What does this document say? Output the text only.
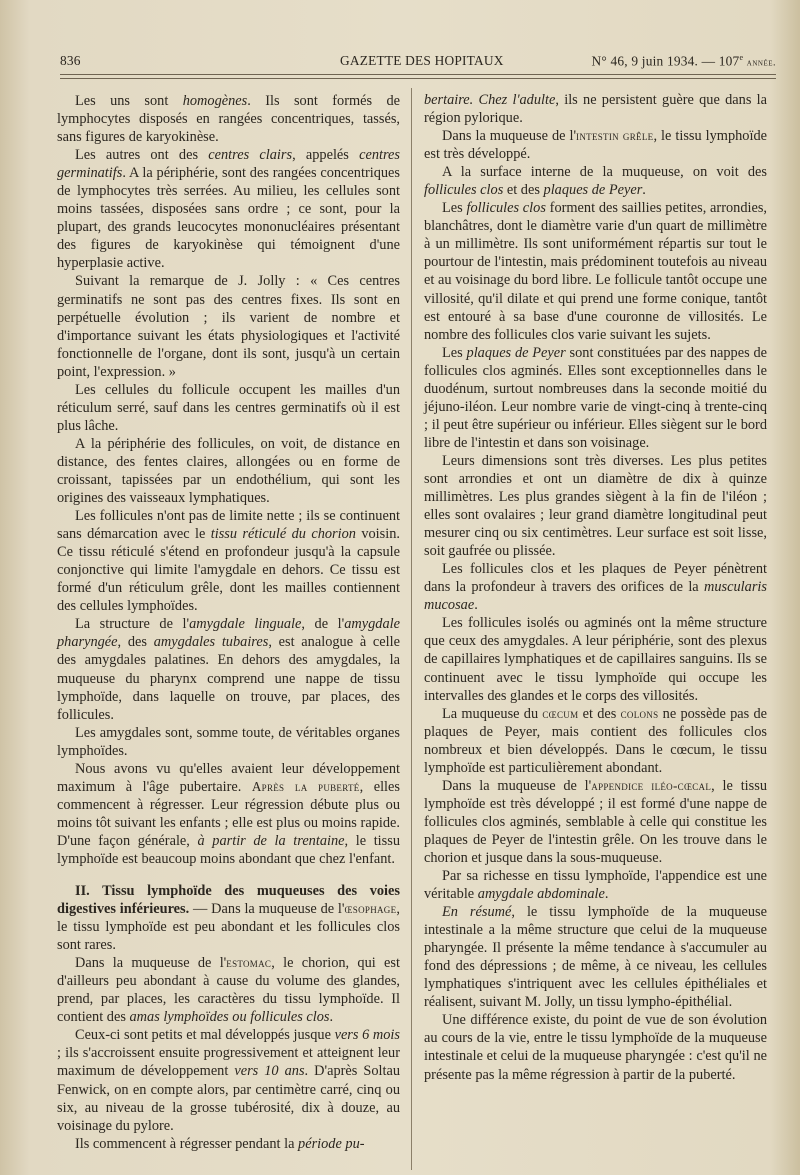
836	GAZETTE DES HOPITAUX	N° 46, 9 juin 1934. — 107e année.

Les uns sont homogènes. Ils sont formés de lymphocytes disposés en rangées concentriques, tassés, sans figures de karyokinèse.

Les autres ont des centres clairs, appelés centres germinatifs. A la périphérie, sont des rangées concentriques de lymphocytes très serrées. Au milieu, les cellules sont moins tassées, disposées sans ordre ; ce sont, pour la plupart, des grands leucocytes mononucléaires présentant des figures de karyokinèse qui témoignent d'une hyperplasie active.

Suivant la remarque de J. Jolly : « Ces centres germinatifs ne sont pas des centres fixes. Ils sont en perpétuelle évolution ; ils varient de nombre et d'importance suivant les états physiologiques et l'activité fonctionnelle de l'organe, dont ils sont, jusqu'à un certain point, l'expression. »

Les cellules du follicule occupent les mailles d'un réticulum serré, sauf dans les centres germinatifs où il est plus lâche.

A la périphérie des follicules, on voit, de distance en distance, des fentes claires, allongées ou en forme de croissant, tapissées par un endothélium, qui sont les origines des vaisseaux lymphatiques.

Les follicules n'ont pas de limite nette ; ils se continuent sans démarcation avec le tissu réticulé du chorion voisin. Ce tissu réticulé s'étend en profondeur jusqu'à la capsule conjonctive qui limite l'amygdale en dehors. Ce tissu est formé d'un réticulum grêle, dont les mailles contiennent des cellules lymphoïdes.

La structure de l'amygdale linguale, de l'amygdale pharyngée, des amygdales tubaires, est analogue à celle des amygdales palatines. En dehors des amygdales, la muqueuse du pharynx comprend une nappe de tissu lymphoïde, dans laquelle on trouve, par places, des follicules.

Les amygdales sont, somme toute, de véritables organes lymphoïdes.

Nous avons vu qu'elles avaient leur développement maximum à l'âge pubertaire. Après la puberté, elles commencent à régresser. Leur régression débute plus ou moins tôt suivant les enfants ; elle est plus ou moins rapide. D'une façon générale, à partir de la trentaine, le tissu lymphoïde est beaucoup moins abondant que chez l'enfant.

II. Tissu lymphoïde des muqueuses des voies digestives inférieures. — Dans la muqueuse de l'œsophage, le tissu lymphoïde est peu abondant et les follicules clos sont rares.

Dans la muqueuse de l'estomac, le chorion, qui est d'ailleurs peu abondant à cause du volume des glandes, prend, par places, les caractères du tissu lymphoïde. Il contient des amas lymphoïdes ou follicules clos.

Ceux-ci sont petits et mal développés jusque vers 6 mois ; ils s'accroissent ensuite progressivement et atteignent leur maximum de développement vers 10 ans. D'après Soltau Fenwick, on en compte alors, par centimètre carré, cinq ou six, au niveau de la grosse tubérosité, dix à douze, au voisinage du pylore.

Ils commencent à régresser pendant la période pu-

bertaire. Chez l'adulte, ils ne persistent guère que dans la région pylorique.

Dans la muqueuse de l'intestin grêle, le tissu lymphoïde est très développé.

A la surface interne de la muqueuse, on voit des follicules clos et des plaques de Peyer.

Les follicules clos forment des saillies petites, arrondies, blanchâtres, dont le diamètre varie d'un quart de millimètre à un millimètre. Ils sont uniformément répartis sur tout le pourtour de l'intestin, mais prédominent toutefois au niveau et au voisinage du bord libre. Le follicule tantôt occupe une villosité, qu'il dilate et qui prend une forme conique, tantôt est entouré à sa base d'une couronne de villosités. Le nombre des follicules clos varie suivant les sujets.

Les plaques de Peyer sont constituées par des nappes de follicules clos agminés. Elles sont exceptionnelles dans le duodénum, surtout nombreuses dans la seconde moitié du jéjuno-iléon. Leur nombre varie de vingt-cinq à trente-cinq ; il peut être supérieur ou inférieur. Elles siègent sur le bord libre de l'intestin et dans son voisinage.

Leurs dimensions sont très diverses. Les plus petites sont arrondies et ont un diamètre de dix à quinze millimètres. Les plus grandes siègent à la fin de l'iléon ; elles sont ovalaires ; leur grand diamètre longitudinal peut mesurer cinq ou six centimètres. Leur surface est soit lisse, soit gaufrée ou plissée.

Les follicules clos et les plaques de Peyer pénètrent dans la profondeur à travers des orifices de la muscularis mucosae.

Les follicules isolés ou agminés ont la même structure que ceux des amygdales. A leur périphérie, sont des plexus de capillaires lymphatiques et de capillaires sanguins. Ils se continuent avec le tissu lymphoïde qui occupe les intervalles des glandes et le corps des villosités.

La muqueuse du cœcum et des colons ne possède pas de plaques de Peyer, mais contient des follicules clos nombreux et bien développés. Dans le cœcum, le tissu lymphoïde est particulièrement abondant.

Dans la muqueuse de l'appendice iléo-cœcal, le tissu lymphoïde est très développé ; il est formé d'une nappe de follicules clos agminés, semblable à celle qui constitue les plaques de Peyer de l'intestin grêle. On les trouve dans le chorion et jusque dans la sous-muqueuse.

Par sa richesse en tissu lymphoïde, l'appendice est une véritable amygdale abdominale.

En résumé, le tissu lymphoïde de la muqueuse intestinale a la même structure que celui de la muqueuse pharyngée. Il présente la même tendance à s'accumuler au fond des dépressions ; de même, à ce niveau, les cellules lymphatiques s'intriquent avec les cellules épithéliales et réalisent, suivant M. Jolly, un tissu lympho-épithélial.

Une différence existe, du point de vue de son évolution au cours de la vie, entre le tissu lymphoïde de la muqueuse intestinale et celui de la muqueuse pharyngée : c'est qu'il ne présente pas la même régression à partir de la puberté.
